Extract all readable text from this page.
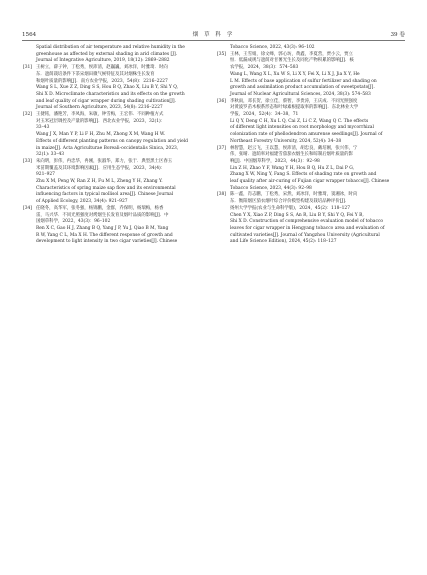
1564	烟 草 科 学	39 卷

Spatial distribution of air temperature and relative humidity in the

greenhouse as affected by external shading in arid climates [J].

Journal of Integrative Agriculture, 2019, 18(12): 2869–2882

[31] 王树立，薛子钟，丁松秀，侯沛清，赵巍巍，刘冰洋，时雅琦．时向

东．遮荫栽培条件下茶宋烟田微气候特征及其对烟株生长发育

和烟叶质量的影响[J]．南方农业学报，2023，54(8)：2216–2227

Wang S L, Xue Z Z, Ding S S, Hou B Q, Zhao X, Liu B Y, Shi Y Q,

Shi X D. Microclimate characteristics and its effects on the growth

and leaf quality of cigar wrapper during shading cultivation[J].

Journal of Southern Agriculture, 2023, 54(8): 2216–2227

[32] 王捷铭，潘艳芳，李凤海，朱敏，钟雪梅，王宏伟．不同种植方式

对玉米冠层调控及产量的影响[J]．西北农业学报，2023，32(1)：

33–43

Wang J X, Man Y P, Li F H, Zhu M, Zhong X M, Wang H W.

Effects of different planting patterns on canopy regulation and yield

in maize[J]. Acta Agriculturae Boreali-occidentalis Sinica, 2023,

32(1): 33–43

[33] 朱向明，彭伟，冉忠华，冉刚，张淑华，郑力，张于．典型黑土区春玉

米苗期覆盖及其环境影响因素[J]．应用生态学报，2023，34(4)：

921–927

Zhu X M, Peng W, Ran Z H, Fu M L, Zheng Y H, Zhang Y.

Characteristics of spring maize sap flow and its environmental

influencing factors in typical mollisol area[J]. Chinese Journal

of Applied Ecology, 2023, 34(4): 921–927

[34] 任晓冬，高华军，张冬强，杨锦鹏，金群，乔保明，杨瑞梅，杨香

雷，马兴华．不同光照强度对烤烟生长发育及烟叶品质的影响[J]．中

国烟草科学，2022，43(3)：96–102

Ren X C, Gao H J, Zhang B Q, Yang J P, Yu J, Qiao B M, Yang

R W, Yang C L, Ma X H. The different response of growth and

development to light intensity in two cigar varieties[J]. Chinese

Tobacco Science, 2022, 43(3): 96–102

[35] 王林，王雪娟，徐文峰，郭心坊，黄鑫，李夏营，贾小云，贾立

恒．低漏成规与遮荫对甘薯光生长及同化产物积累的影响[J]．核

农学报，2024，38(3)：574–583

Wang L, Wang X L, Xu W S, Li X Y, Fei X, Li X J, Jia X Y, He

L M. Effects of base application of sulfur fertilizer and shading on

growth and assimilation product accumulation of sweetpotato[J].

Journal of Nuclear Agricultural Sciences, 2024, 38(3): 574–583

[36] 李秋雨，邓长贺，徐立佳，蔡智，李贵涛，王庆成．不同光照强度

对黄波罗苗木根系形态和叶绿素根提取率的影响[J]．东北林业大学

学报，2024，52(4)：34–38，71

Li Q Y, Deng C H, Xu L Q, Cai Z, Li C Z, Wang Q C. The effects

of different light intensities on root morphology and mycorrhizal

colonization rate of phellodendron amurense seedlings[J]. Journal of

Northeast Forestry University, 2024, 52(4): 34–38

[37] 林智慧，赵云飞，王以慧，侯沛清，胡忠良，戴培刚，张兴伟，宁

伟，张晴．遮荫率对福建雪茄茄衣烟生长和晾制后烟叶质量的影

响[J]．中国烟草科学，2023，44(3)：92–98

Lin Z H, Zhao Y F, Wang Y H, Hou B Q, Hu Z L, Dai P G,

Zhang X W, Ning Y, Fang S. Effects of shading rate on growth and

leaf quality after air-curing of Fujian cigar wrapper tobacco[J]. Chinese

Tobacco Science, 2023, 44(3): 92–98

[38] 陈一鑫，肖志鹏，丁松秀，宋然，刘冰洋，时雅琦，窦湘冰，时向

东．衡阳烟区茄衣烟叶综合评价模型构建及栽培品种评价[J]．

扬州大学学报(农业与生命科学版)，2024，45(2)：118–127

Chen Y X, Xiao Z P, Ding S S, An R, Liu B Y, Shi Y Q, Fei Y B,

Shi X D. Construction of comprehensive evaluation model of tobacco

leaves for cigar wrapper in Hengyang tobacco area and evaluation of

cultivated varieties[J]. Journal of Yangzhou University (Agricultural

and Life Science Edition), 2024, 45(2): 118–127
